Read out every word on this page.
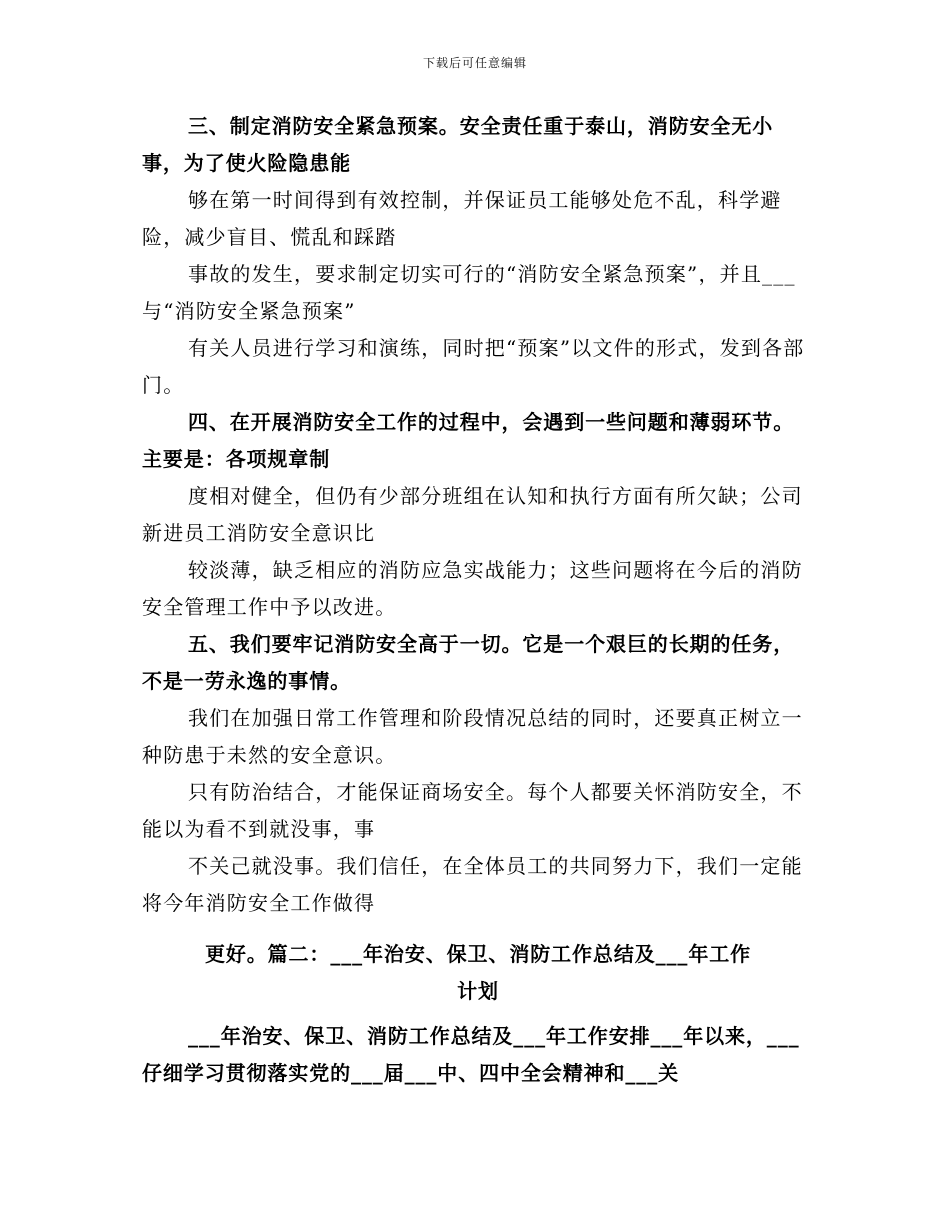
下载后可任意编辑

三、制定消防安全紧急预案。安全责任重于泰山，消防安全无小事，为了使火险隐患能

够在第一时间得到有效控制，并保证员工能够处危不乱，科学避险，减少盲目、慌乱和踩踏

事故的发生，要求制定切实可行的“消防安全紧急预案”，并且___与“消防安全紧急预案”

有关人员进行学习和演练，同时把“预案”以文件的形式，发到各部门。

四、在开展消防安全工作的过程中，会遇到一些问题和薄弱环节。主要是：各项规章制

度相对健全，但仍有少部分班组在认知和执行方面有所欠缺；公司新进员工消防安全意识比

较淡薄，缺乏相应的消防应急实战能力；这些问题将在今后的消防安全管理工作中予以改进。

五、我们要牢记消防安全高于一切。它是一个艰巨的长期的任务，不是一劳永逸的事情。

我们在加强日常工作管理和阶段情况总结的同时，还要真正树立一种防患于未然的安全意识。

只有防治结合，才能保证商场安全。每个人都要关怀消防安全，不能以为看不到就没事，事

不关己就没事。我们信任，在全体员工的共同努力下，我们一定能将今年消防安全工作做得

更好。篇二：___年治安、保卫、消防工作总结及___年工作计划

___年治安、保卫、消防工作总结及___年工作安排___年以来，___仔细学习贯彻落实党的___届___中、四中全会精神和___关
